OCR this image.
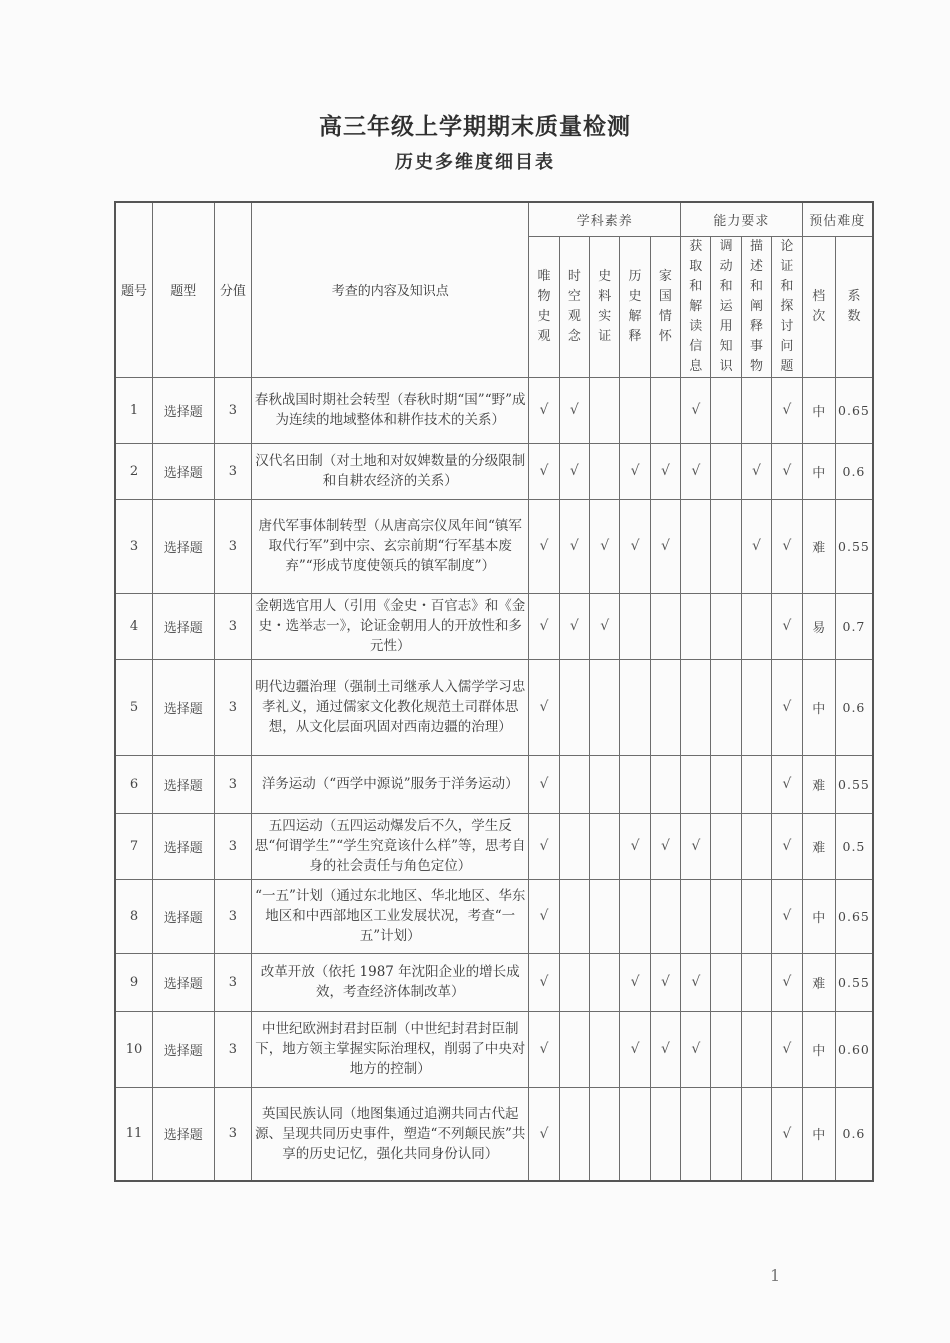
高三年级上学期期末质量检测
历史多维度细目表
题号	题型	分值	考查的内容及知识点	学科素养					能力要求				预估难度	

				唯物史观	时空观念	史料实证	历史解释	家国情怀	获取和解读信息	调动和运用知识	描述和阐释事物	论证和探讨问题	档次	系数

1	选择题	3	春秋战国时期社会转型（春秋时期“国”“野”成为连续的地域整体和耕作技术的关系）	√	√				√			√	中	0.65
2	选择题	3	汉代名田制（对土地和对奴婢数量的分级限制和自耕农经济的关系）	√	√		√	√	√		√	√	中	0.6
3	选择题	3	唐代军事体制转型（从唐高宗仪凤年间“镇军取代行军”到中宗、玄宗前期“行军基本废弃”“形成节度使领兵的镇军制度”）	√	√	√	√	√			√	√	难	0.55
4	选择题	3	金朝选官用人（引用《金史・百官志》和《金史・选举志一》，论证金朝用人的开放性和多元性）	√	√	√						√	易	0.7
5	选择题	3	明代边疆治理（强制土司继承人入儒学学习忠孝礼义，通过儒家文化教化规范土司群体思想，从文化层面巩固对西南边疆的治理）	√								√	中	0.6
6	选择题	3	洋务运动（“西学中源说”服务于洋务运动）	√								√	难	0.55
7	选择题	3	五四运动（五四运动爆发后不久，学生反思“何谓学生”“学生究竟该什么样”等，思考自身的社会责任与角色定位）	√			√	√	√			√	难	0.5
8	选择题	3	“一五”计划（通过东北地区、华北地区、华东地区和中西部地区工业发展状况，考查“一五”计划）	√								√	中	0.65
9	选择题	3	改革开放（依托 1987 年沈阳企业的增长成效，考查经济体制改革）	√			√	√	√			√	难	0.55
10	选择题	3	中世纪欧洲封君封臣制（中世纪封君封臣制下，地方领主掌握实际治理权，削弱了中央对地方的控制）	√			√	√	√			√	中	0.60
11	选择题	3	英国民族认同（地图集通过追溯共同古代起源、呈现共同历史事件，塑造“不列颠民族”共享的历史记忆，强化共同身份认同）	√								√	中	0.6
1
